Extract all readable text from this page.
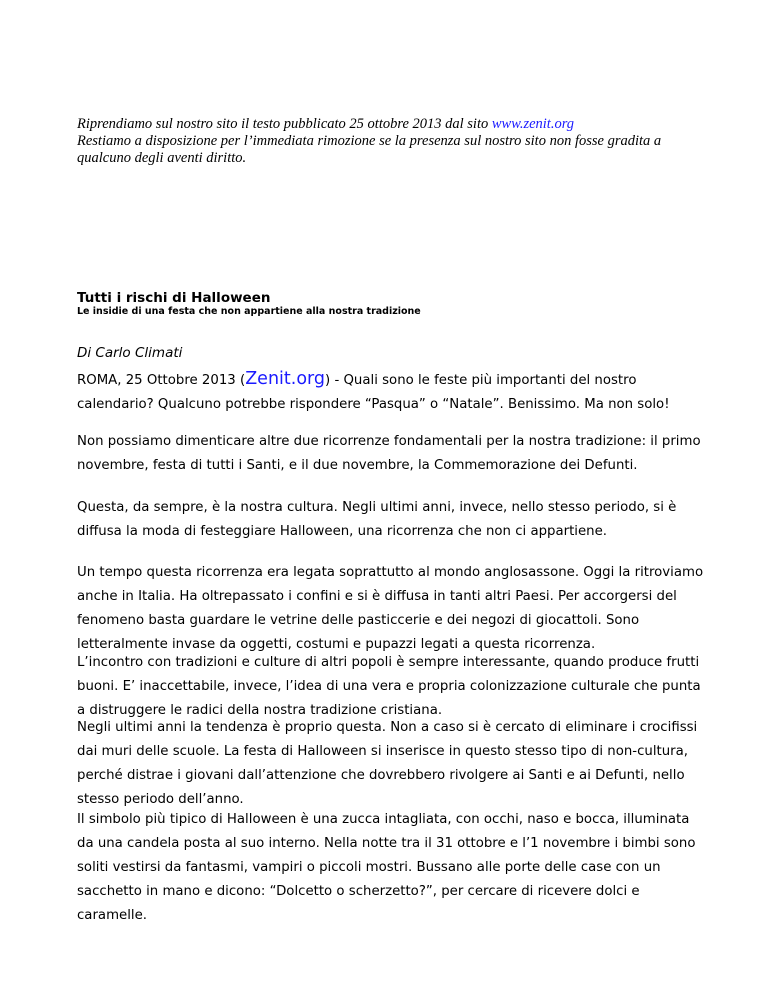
Riprendiamo sul nostro sito il testo pubblicato 25 ottobre 2013 dal sito www.zenit.org
Restiamo a disposizione per l’immediata rimozione se la presenza sul nostro sito non fosse gradita a qualcuno degli aventi diritto.
Tutti i rischi di Halloween
Le insidie di una festa che non appartiene alla nostra tradizione
Di Carlo Climati

ROMA, 25 Ottobre 2013 (Zenit.org) - Quali sono le feste più importanti del nostro calendario? Qualcuno potrebbe rispondere “Pasqua” o “Natale”. Benissimo. Ma non solo!

Non possiamo dimenticare altre due ricorrenze fondamentali per la nostra tradizione: il primo novembre, festa di tutti i Santi, e il due novembre, la Commemorazione dei Defunti.

Questa, da sempre, è la nostra cultura. Negli ultimi anni, invece, nello stesso periodo, si è diffusa la moda di festeggiare Halloween, una ricorrenza che non ci appartiene.

Un tempo questa ricorrenza era legata soprattutto al mondo anglosassone. Oggi la ritroviamo anche in Italia. Ha oltrepassato i confini e si è diffusa in tanti altri Paesi. Per accorgersi del fenomeno basta guardare le vetrine delle pasticcerie e dei negozi di giocattoli. Sono letteralmente invase da oggetti, costumi e pupazzi legati a questa ricorrenza.

L’incontro con tradizioni e culture di altri popoli è sempre interessante, quando produce frutti buoni. E’ inaccettabile, invece, l’idea di una vera e propria colonizzazione culturale che punta a distruggere le radici della nostra tradizione cristiana.

Negli ultimi anni la tendenza è proprio questa. Non a caso si è cercato di eliminare i crocifissi dai muri delle scuole. La festa di Halloween si inserisce in questo stesso tipo di non-cultura, perché distrae i giovani dall’attenzione che dovrebbero rivolgere ai Santi e ai Defunti, nello stesso periodo dell’anno.

Il simbolo più tipico di Halloween è una zucca intagliata, con occhi, naso e bocca, illuminata da una candela posta al suo interno. Nella notte tra il 31 ottobre e l’1 novembre i bimbi sono soliti vestirsi da fantasmi, vampiri o piccoli mostri. Bussano alle porte delle case con un sacchetto in mano e dicono: “Dolcetto o scherzetto?”, per cercare di ricevere dolci e caramelle.
